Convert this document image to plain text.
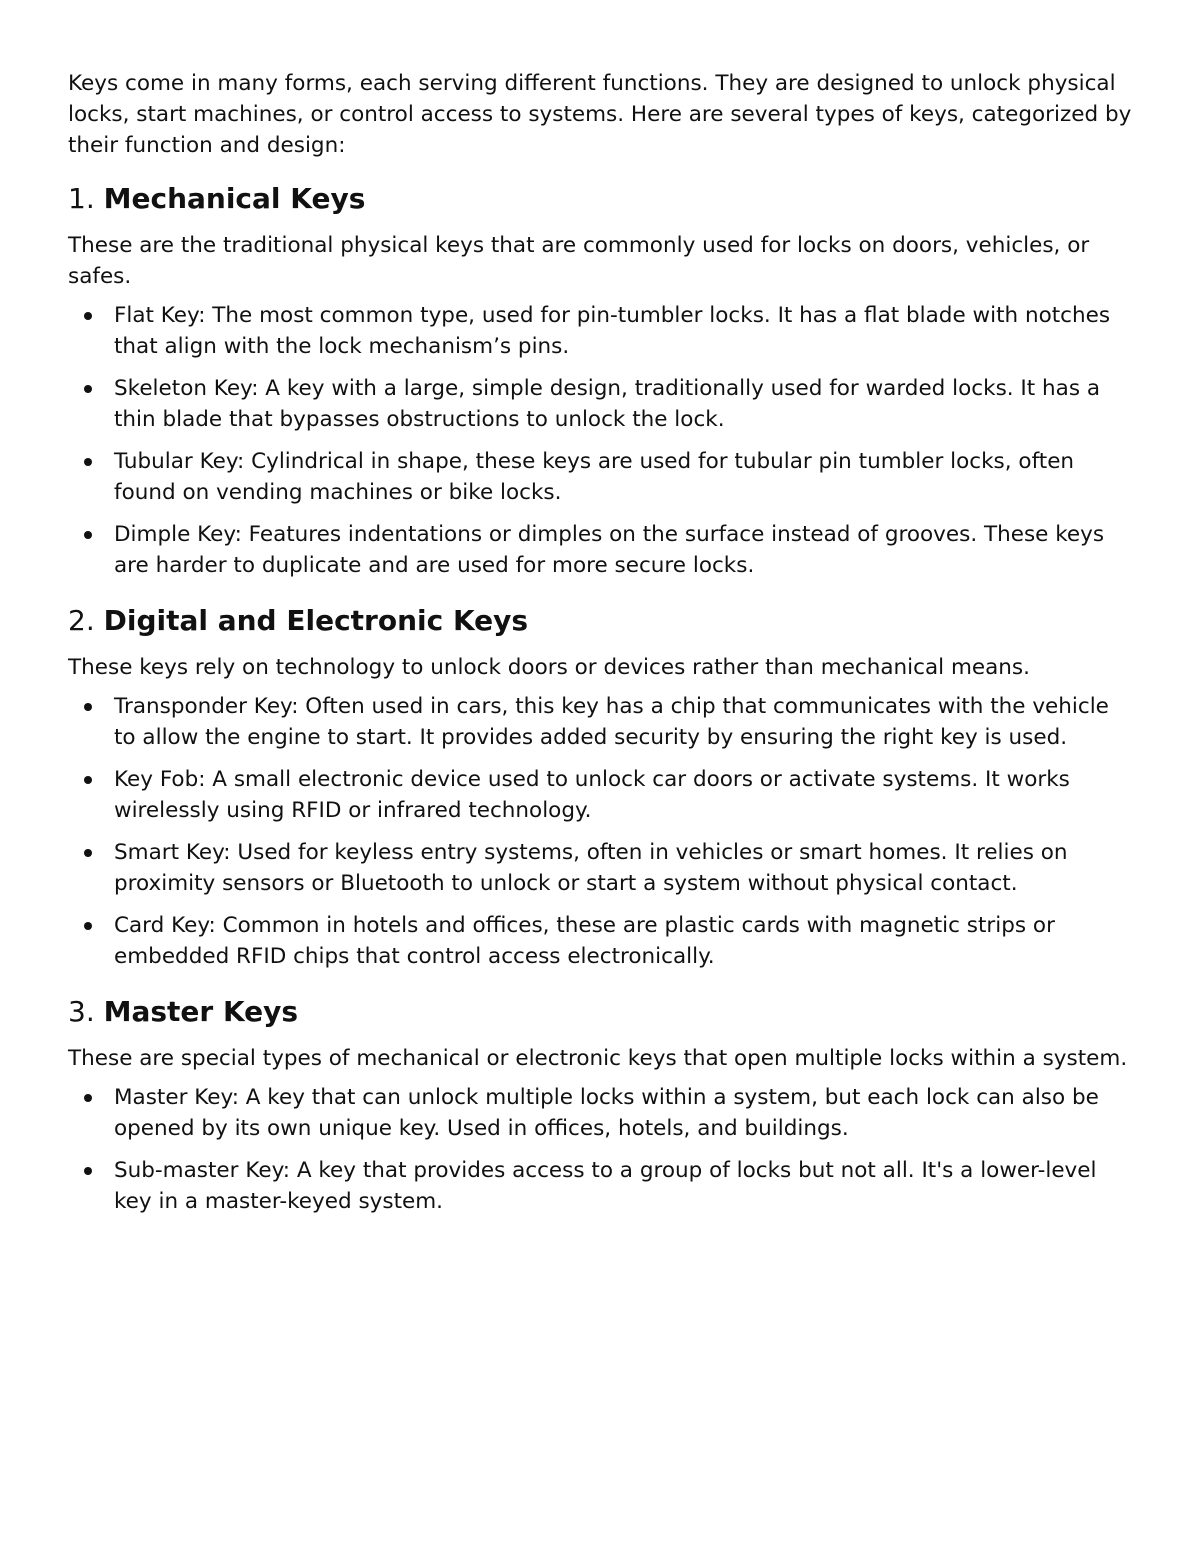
Keys come in many forms, each serving different functions. They are designed to unlock physical locks, start machines, or control access to systems. Here are several types of keys, categorized by their function and design:

1. Mechanical Keys

These are the traditional physical keys that are commonly used for locks on doors, vehicles, or safes.

Flat Key: The most common type, used for pin-tumbler locks. It has a flat blade with notches that align with the lock mechanism’s pins.
Skeleton Key: A key with a large, simple design, traditionally used for warded locks. It has a thin blade that bypasses obstructions to unlock the lock.
Tubular Key: Cylindrical in shape, these keys are used for tubular pin tumbler locks, often found on vending machines or bike locks.
Dimple Key: Features indentations or dimples on the surface instead of grooves. These keys are harder to duplicate and are used for more secure locks.
2. Digital and Electronic Keys

These keys rely on technology to unlock doors or devices rather than mechanical means.

Transponder Key: Often used in cars, this key has a chip that communicates with the vehicle to allow the engine to start. It provides added security by ensuring the right key is used.
Key Fob: A small electronic device used to unlock car doors or activate systems. It works wirelessly using RFID or infrared technology.
Smart Key: Used for keyless entry systems, often in vehicles or smart homes. It relies on proximity sensors or Bluetooth to unlock or start a system without physical contact.
Card Key: Common in hotels and offices, these are plastic cards with magnetic strips or embedded RFID chips that control access electronically.
3. Master Keys

These are special types of mechanical or electronic keys that open multiple locks within a system.

Master Key: A key that can unlock multiple locks within a system, but each lock can also be opened by its own unique key. Used in offices, hotels, and buildings.
Sub-master Key: A key that provides access to a group of locks but not all. It's a lower-level key in a master-keyed system.
